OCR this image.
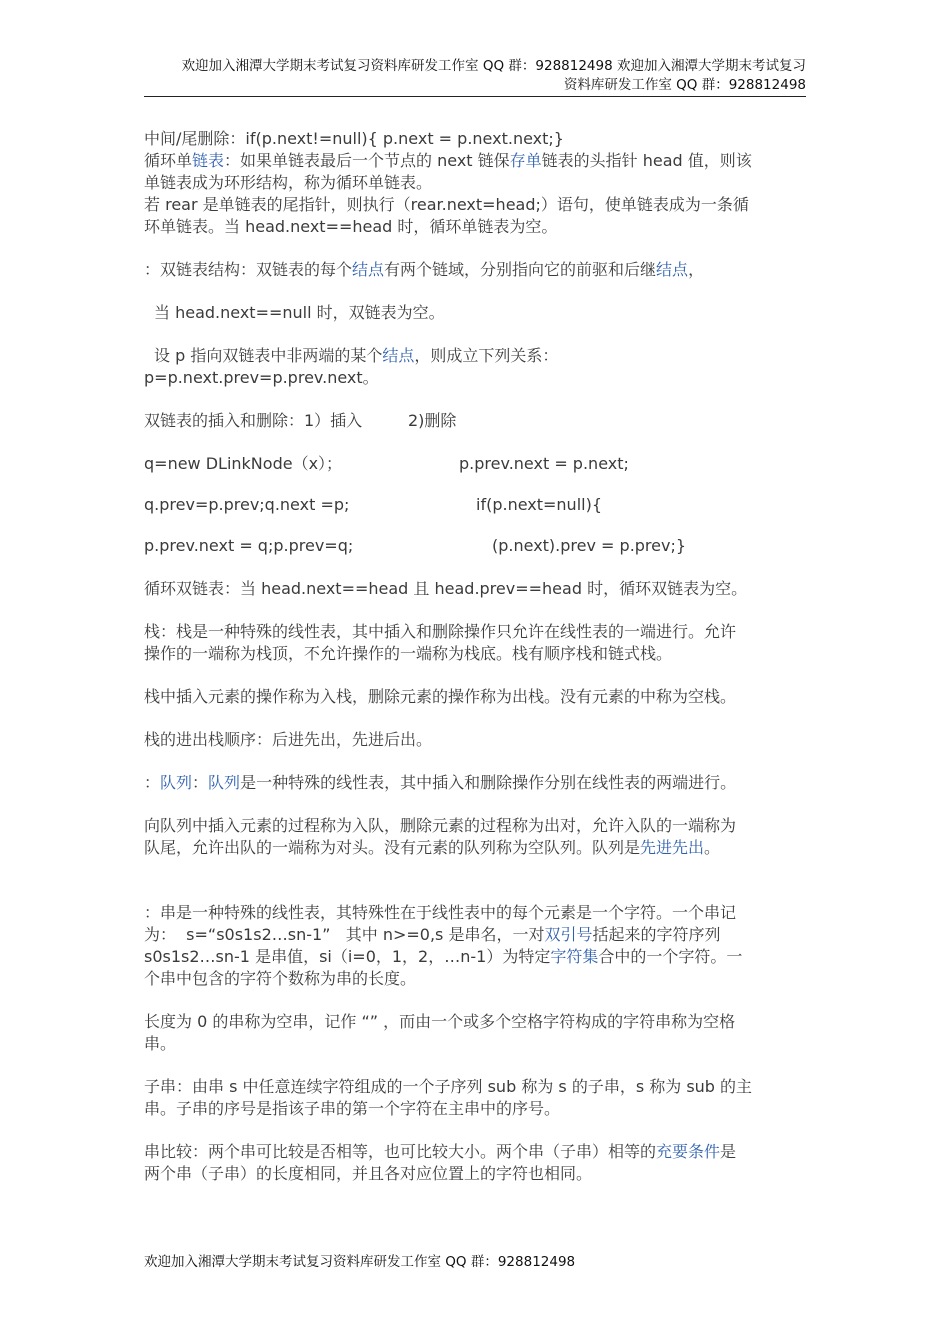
欢迎加入湘潭大学期末考试复习资料库研发工作室 QQ 群：928812498 欢迎加入湘潭大学期末考试复习
资料库研发工作室 QQ 群：928812498

中间/尾删除：if(p.next!=null){ p.next = p.next.next;}

循环单链表：如果单链表最后一个节点的 next 链保存单链表的头指针 head 值，则该

单链表成为环形结构，称为循环单链表。

若 rear 是单链表的尾指针，则执行（rear.next=head;）语句，使单链表成为一条循

环单链表。当 head.next==head 时，循环单链表为空。

：双链表结构：双链表的每个结点有两个链域，分别指向它的前驱和后继结点，

当 head.next==null 时，双链表为空。

设 p 指向双链表中非两端的某个结点，则成立下列关系：

p=p.next.prev=p.prev.next。

双链表的插入和删除：1）插入         2)删除

q=new DLinkNode（x）；	p.prev.next = p.next;
q.prev=p.prev;q.next =p;	if(p.next=null){
p.prev.next = q;p.prev=q;	(p.next).prev = p.prev;}

循环双链表：当 head.next==head 且 head.prev==head 时，循环双链表为空。

栈：栈是一种特殊的线性表，其中插入和删除操作只允许在线性表的一端进行。允许

操作的一端称为栈顶，不允许操作的一端称为栈底。栈有顺序栈和链式栈。

栈中插入元素的操作称为入栈，删除元素的操作称为出栈。没有元素的中称为空栈。

栈的进出栈顺序：后进先出，先进后出。

：队列：队列是一种特殊的线性表，其中插入和删除操作分别在线性表的两端进行。

向队列中插入元素的过程称为入队，删除元素的过程称为出对，允许入队的一端称为

队尾，允许出队的一端称为对头。没有元素的队列称为空队列。队列是先进先出。

：串是一种特殊的线性表，其特殊性在于线性表中的每个元素是一个字符。一个串记

为：  s=“s0s1s2…sn-1”   其中 n>=0,s 是串名，一对双引号括起来的字符序列

s0s1s2…sn-1 是串值，si（i=0，1，2，…n-1）为特定字符集合中的一个字符。一

个串中包含的字符个数称为串的长度。

长度为 0 的串称为空串，记作 “” ，而由一个或多个空格字符构成的字符串称为空格

串。

子串：由串 s 中任意连续字符组成的一个子序列 sub 称为 s 的子串，s 称为 sub 的主

串。子串的序号是指该子串的第一个字符在主串中的序号。

串比较：两个串可比较是否相等，也可比较大小。两个串（子串）相等的充要条件是

两个串（子串）的长度相同，并且各对应位置上的字符也相同。

欢迎加入湘潭大学期末考试复习资料库研发工作室 QQ 群：928812498
